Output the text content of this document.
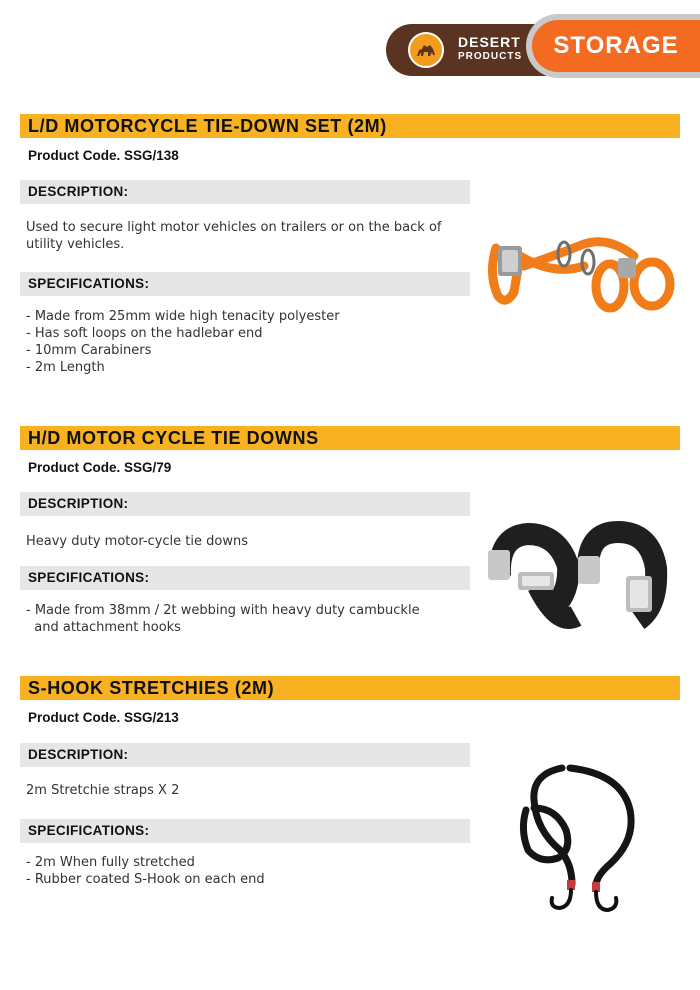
DESERT
PRODUCTS	STORAGE
L/D MOTORCYCLE TIE-DOWN SET (2M)
Product Code. SSG/138
DESCRIPTION:
Used to secure light motor vehicles on trailers or on the back of utility vehicles.
SPECIFICATIONS:
- Made from 25mm wide high tenacity polyester
- Has soft loops on the hadlebar end
- 10mm Carabiners
- 2m Length
H/D MOTOR CYCLE TIE DOWNS
Product Code. SSG/79
DESCRIPTION:
Heavy duty motor-cycle tie downs
SPECIFICATIONS:
- Made from 38mm / 2t webbing with heavy duty cambuckle
and attachment hooks
S-HOOK STRETCHIES (2M)
Product Code. SSG/213
DESCRIPTION:
2m Stretchie straps X 2
SPECIFICATIONS:
- 2m When fully stretched
- Rubber coated S-Hook on each end
